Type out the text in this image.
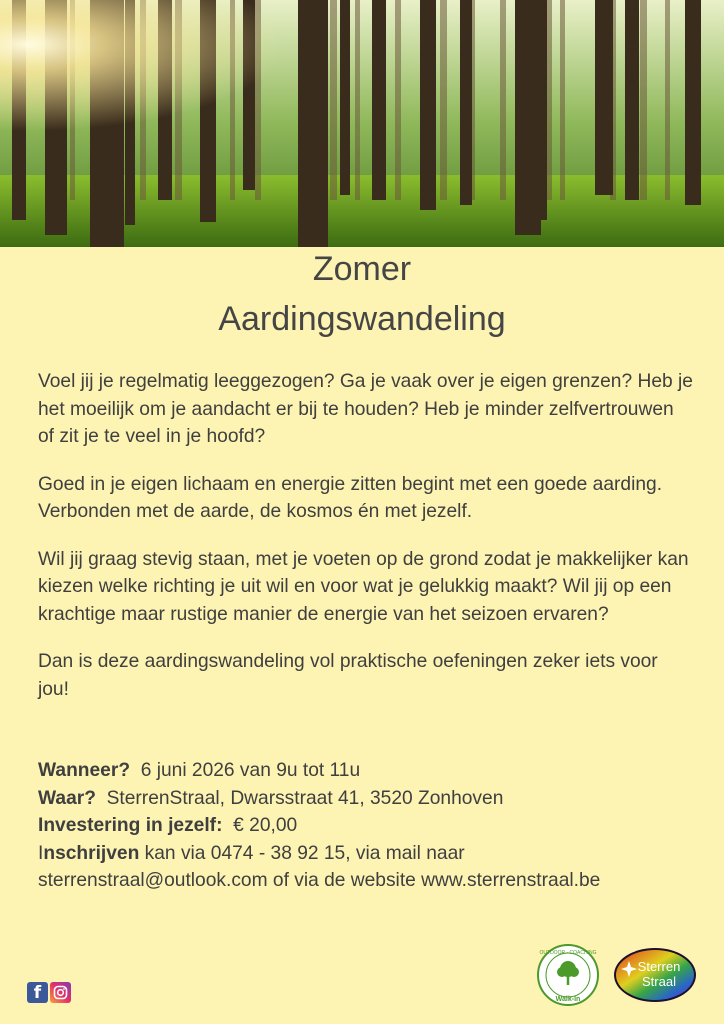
Zomer
Aardingswandeling

Voel jij je regelmatig leeggezogen? Ga je vaak over je eigen grenzen? Heb je het moeilijk om je aandacht er bij te houden? Heb je minder zelfvertrouwen of zit je te veel in je hoofd?

Goed in je eigen lichaam en energie zitten begint met een goede aarding. Verbonden met de aarde, de kosmos én met jezelf.

Wil jij graag stevig staan, met je voeten op de grond zodat je makkelijker kan kiezen welke richting je uit wil en voor wat je gelukkig maakt? Wil jij op een krachtige maar rustige manier de energie van het seizoen ervaren?

Dan is deze aardingswandeling vol praktische oefeningen zeker iets voor jou!

Wanneer? 6 juni 2026 van 9u tot 11u
Waar? SterrenStraal, Dwarsstraat 41, 3520 Zonhoven
Investering in jezelf: € 20,00
Inschrijven kan via 0474 - 38 92 15, via mail naar
sterrenstraal@outlook.com of via de website www.sterrenstraal.be
f
OUTDOOR · COACHING
Walk-In
Sterren
Straal
